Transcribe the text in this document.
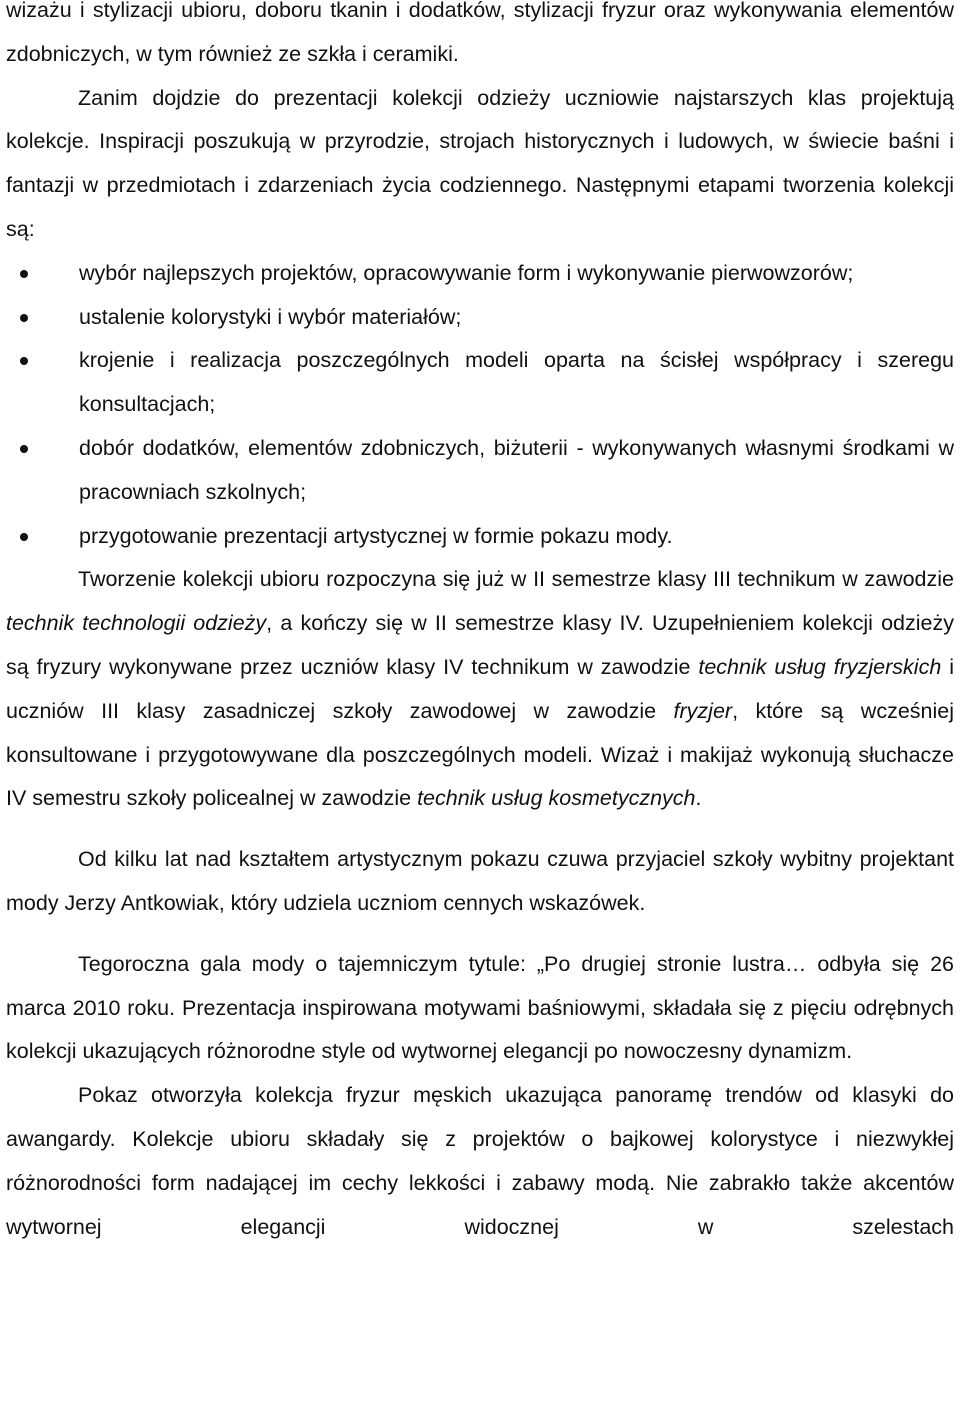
wizażu i stylizacji ubioru, doboru tkanin i dodatków, stylizacji fryzur oraz wykonywania elementów zdobniczych, w tym również ze szkła i ceramiki.

Zanim dojdzie do prezentacji kolekcji odzieży uczniowie najstarszych klas projektują kolekcje. Inspiracji poszukują w przyrodzie, strojach historycznych i ludowych, w świecie baśni i fantazji w przedmiotach i zdarzeniach życia codziennego. Następnymi etapami tworzenia kolekcji są:

wybór najlepszych projektów, opracowywanie form i wykonywanie pierwowzorów;
ustalenie kolorystyki i wybór materiałów;
krojenie i realizacja poszczególnych modeli oparta na ścisłej współpracy i szeregu konsultacjach;
dobór dodatków, elementów zdobniczych, biżuterii - wykonywanych własnymi środkami w pracowniach szkolnych;
przygotowanie prezentacji artystycznej w formie pokazu mody.

Tworzenie kolekcji ubioru rozpoczyna się już w II semestrze klasy III technikum w zawodzie technik technologii odzieży, a kończy się w II semestrze klasy IV. Uzupełnieniem kolekcji odzieży są fryzury wykonywane przez uczniów klasy IV technikum w zawodzie technik usług fryzjerskich i uczniów III klasy zasadniczej szkoły zawodowej w zawodzie fryzjer, które są wcześniej konsultowane i przygotowywane dla poszczególnych modeli. Wizaż i makijaż wykonują słuchacze IV semestru szkoły policealnej w zawodzie technik usług kosmetycznych.

Od kilku lat nad kształtem artystycznym pokazu czuwa przyjaciel szkoły wybitny projektant mody Jerzy Antkowiak, który udziela uczniom cennych wskazówek.

Tegoroczna gala mody o tajemniczym tytule: „Po drugiej stronie lustra… odbyła się 26 marca 2010 roku. Prezentacja inspirowana motywami baśniowymi, składała się z pięciu odrębnych kolekcji ukazujących różnorodne style od wytwornej elegancji po nowoczesny dynamizm.

Pokaz otworzyła kolekcja fryzur męskich ukazująca panoramę trendów od klasyki do awangardy. Kolekcje ubioru składały się z projektów o bajkowej kolorystyce i niezwykłej różnorodności form nadającej im cechy lekkości i zabawy modą. Nie zabrakło także akcentów wytwornej elegancji widocznej w szelestach
